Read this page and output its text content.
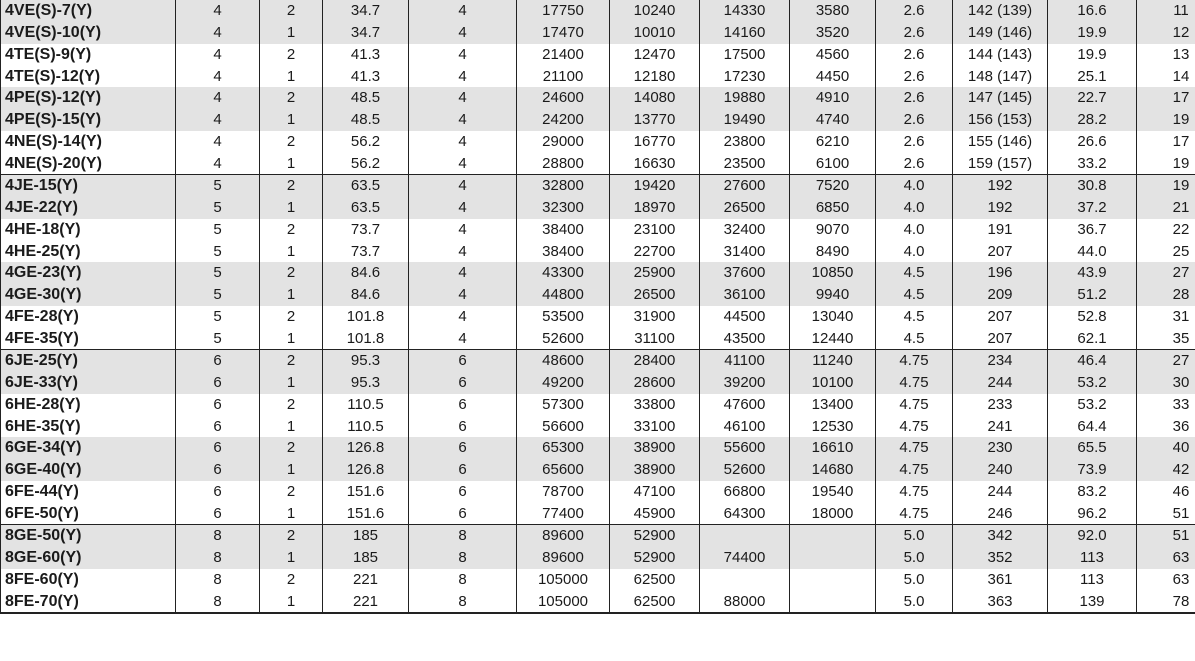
4VE(S)-7(Y)	4	2	34.7	4	17750	10240	14330	3580	2.6	142 (139)	16.6	11
4VE(S)-10(Y)	4	1	34.7	4	17470	10010	14160	3520	2.6	149 (146)	19.9	12
4TE(S)-9(Y)	4	2	41.3	4	21400	12470	17500	4560	2.6	144 (143)	19.9	13
4TE(S)-12(Y)	4	1	41.3	4	21100	12180	17230	4450	2.6	148 (147)	25.1	14
4PE(S)-12(Y)	4	2	48.5	4	24600	14080	19880	4910	2.6	147 (145)	22.7	17
4PE(S)-15(Y)	4	1	48.5	4	24200	13770	19490	4740	2.6	156 (153)	28.2	19
4NE(S)-14(Y)	4	2	56.2	4	29000	16770	23800	6210	2.6	155 (146)	26.6	17
4NE(S)-20(Y)	4	1	56.2	4	28800	16630	23500	6100	2.6	159 (157)	33.2	19
4JE-15(Y)	5	2	63.5	4	32800	19420	27600	7520	4.0	192	30.8	19
4JE-22(Y)	5	1	63.5	4	32300	18970	26500	6850	4.0	192	37.2	21
4HE-18(Y)	5	2	73.7	4	38400	23100	32400	9070	4.0	191	36.7	22
4HE-25(Y)	5	1	73.7	4	38400	22700	31400	8490	4.0	207	44.0	25
4GE-23(Y)	5	2	84.6	4	43300	25900	37600	10850	4.5	196	43.9	27
4GE-30(Y)	5	1	84.6	4	44800	26500	36100	9940	4.5	209	51.2	28
4FE-28(Y)	5	2	101.8	4	53500	31900	44500	13040	4.5	207	52.8	31
4FE-35(Y)	5	1	101.8	4	52600	31100	43500	12440	4.5	207	62.1	35
6JE-25(Y)	6	2	95.3	6	48600	28400	41100	11240	4.75	234	46.4	27
6JE-33(Y)	6	1	95.3	6	49200	28600	39200	10100	4.75	244	53.2	30
6HE-28(Y)	6	2	110.5	6	57300	33800	47600	13400	4.75	233	53.2	33
6HE-35(Y)	6	1	110.5	6	56600	33100	46100	12530	4.75	241	64.4	36
6GE-34(Y)	6	2	126.8	6	65300	38900	55600	16610	4.75	230	65.5	40
6GE-40(Y)	6	1	126.8	6	65600	38900	52600	14680	4.75	240	73.9	42
6FE-44(Y)	6	2	151.6	6	78700	47100	66800	19540	4.75	244	83.2	46
6FE-50(Y)	6	1	151.6	6	77400	45900	64300	18000	4.75	246	96.2	51
8GE-50(Y)	8	2	185	8	89600	52900			5.0	342	92.0	51
8GE-60(Y)	8	1	185	8	89600	52900	74400		5.0	352	113	63
8FE-60(Y)	8	2	221	8	105000	62500			5.0	361	113	63
8FE-70(Y)	8	1	221	8	105000	62500	88000		5.0	363	139	78
